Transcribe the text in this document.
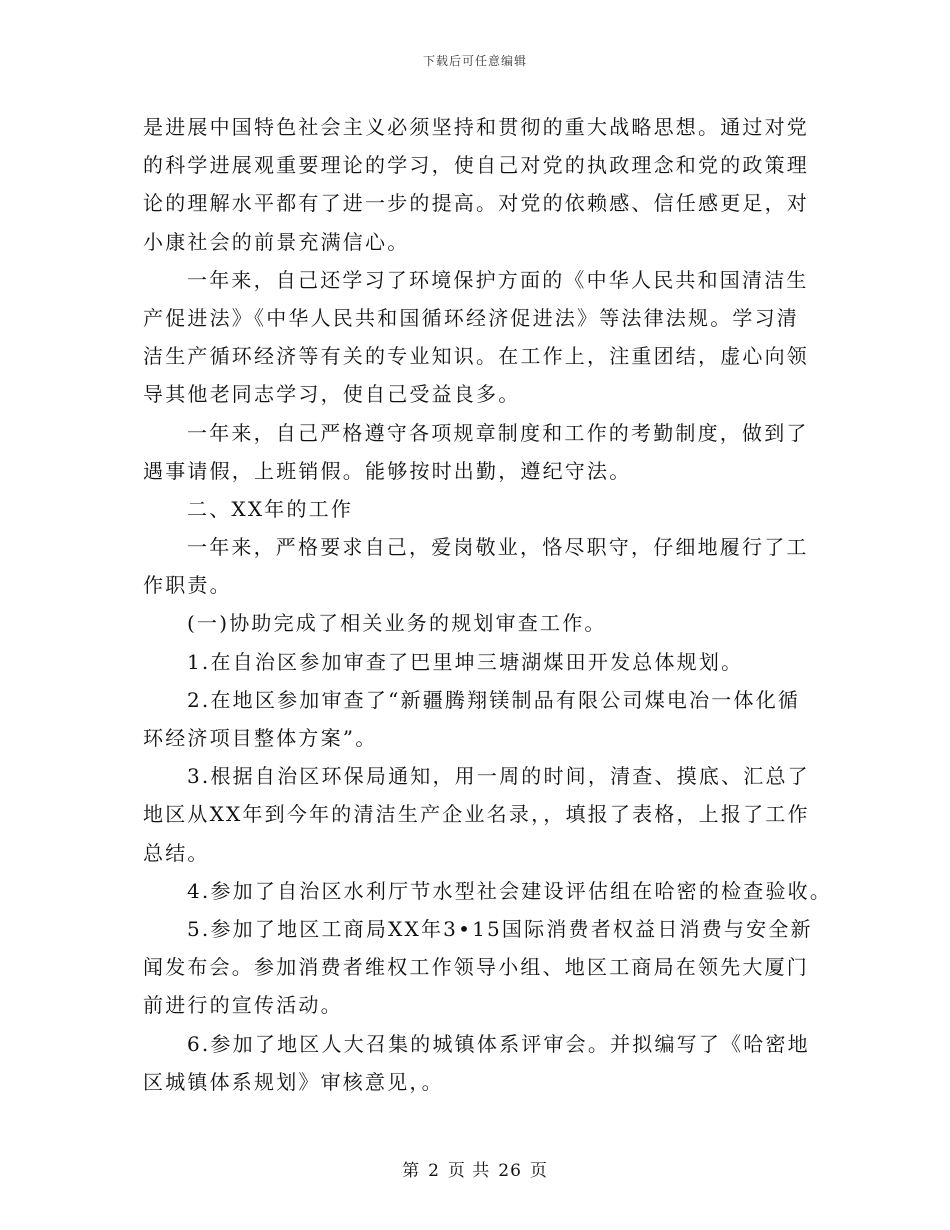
下载后可任意编辑
是进展中国特色社会主义必须坚持和贯彻的重大战略思想。通过对党
的科学进展观重要理论的学习，使自己对党的执政理念和党的政策理
论的理解水平都有了进一步的提高。对党的依赖感、信任感更足，对
小康社会的前景充满信心。
一年来，自己还学习了环境保护方面的《中华人民共和国清洁生
产促进法》《中华人民共和国循环经济促进法》等法律法规。学习清
洁生产循环经济等有关的专业知识。在工作上，注重团结，虚心向领
导其他老同志学习，使自己受益良多。
一年来，自己严格遵守各项规章制度和工作的考勤制度，做到了
遇事请假，上班销假。能够按时出勤，遵纪守法。
二、XX年的工作
一年来，严格要求自己，爱岗敬业，恪尽职守，仔细地履行了工
作职责。
(一)协助完成了相关业务的规划审查工作。
1.在自治区参加审查了巴里坤三塘湖煤田开发总体规划。
2.在地区参加审查了“新疆腾翔镁制品有限公司煤电冶一体化循
环经济项目整体方案”。
3.根据自治区环保局通知，用一周的时间，清查、摸底、汇总了
地区从XX年到今年的清洁生产企业名录，，填报了表格，上报了工作
总结。
4.参加了自治区水利厅节水型社会建设评估组在哈密的检查验收。
5.参加了地区工商局XX年3•15国际消费者权益日消费与安全新
闻发布会。参加消费者维权工作领导小组、地区工商局在领先大厦门
前进行的宣传活动。
6.参加了地区人大召集的城镇体系评审会。并拟编写了《哈密地
区城镇体系规划》审核意见，。
第 2 页 共 26 页
